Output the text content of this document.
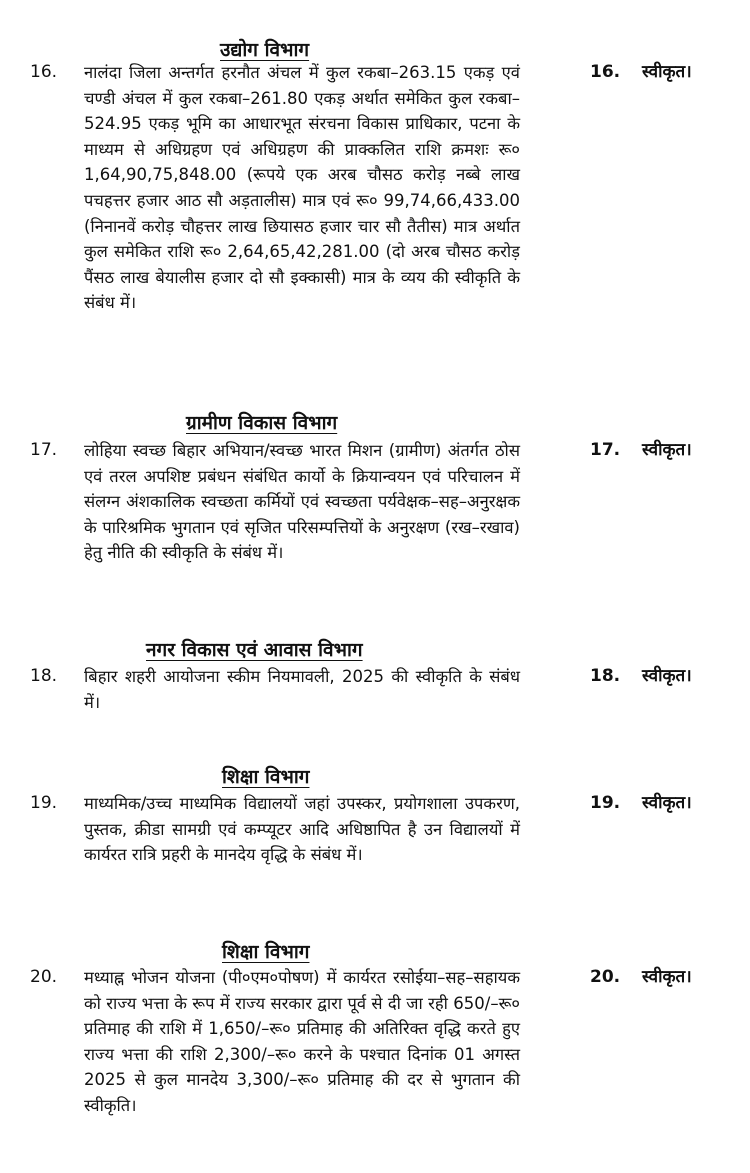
उद्योग विभाग
16. नालंदा जिला अन्तर्गत हरनौत अंचल में कुल रकबा–263.15 एकड़ एवं चण्डी अंचल में कुल रकबा–261.80 एकड़ अर्थात समेकित कुल रकबा–524.95 एकड़ भूमि का आधारभूत संरचना विकास प्राधिकार, पटना के माध्यम से अधिग्रहण एवं अधिग्रहण की प्राक्कलित राशि क्रमशः रू० 1,64,90,75,848.00 (रूपये एक अरब चौसठ करोड़ नब्बे लाख पचहत्तर हजार आठ सौ अड़तालीस) मात्र एवं रू० 99,74,66,433.00 (निनानवें करोड़ चौहत्तर लाख छियासठ हजार चार सौ तैतीस) मात्र अर्थात कुल समेकित राशि रू० 2,64,65,42,281.00 (दो अरब चौसठ करोड़ पैंसठ लाख बेयालीस हजार दो सौ इक्कासी) मात्र के व्यय की स्वीकृति के संबंध में।
16. स्वीकृत।
ग्रामीण विकास विभाग
17. लोहिया स्वच्छ बिहार अभियान/स्वच्छ भारत मिशन (ग्रामीण) अंतर्गत ठोस एवं तरल अपशिष्ट प्रबंधन संबंधित कार्यो के क्रियान्वयन एवं परिचालन में संलग्न अंशकालिक स्वच्छता कर्मियों एवं स्वच्छता पर्यवेक्षक–सह–अनुरक्षक के पारिश्रमिक भुगतान एवं सृजित परिसम्पत्तियों के अनुरक्षण (रख–रखाव) हेतु नीति की स्वीकृति के संबंध में।
17. स्वीकृत।
नगर विकास एवं आवास विभाग
18. बिहार शहरी आयोजना स्कीम नियमावली, 2025 की स्वीकृति के संबंध में।
18. स्वीकृत।
शिक्षा विभाग
19. माध्यमिक/उच्च माध्यमिक विद्यालयों जहां उपस्कर, प्रयोगशाला उपकरण, पुस्तक, क्रीडा सामग्री एवं कम्प्यूटर आदि अधिष्ठापित है उन विद्यालयों में कार्यरत रात्रि प्रहरी के मानदेय वृद्धि के संबंध में।
19. स्वीकृत।
शिक्षा विभाग
20. मध्याह्न भोजन योजना (पी०एम०पोषण) में कार्यरत रसोईया–सह–सहायक को राज्य भत्ता के रूप में राज्य सरकार द्वारा पूर्व से दी जा रही 650/–रू० प्रतिमाह की राशि में 1,650/–रू० प्रतिमाह की अतिरिक्त वृद्धि करते हुए राज्य भत्ता की राशि 2,300/–रू० करने के पश्चात दिनांक 01 अगस्त 2025 से कुल मानदेय 3,300/–रू० प्रतिमाह की दर से भुगतान की स्वीकृति।
20. स्वीकृत।
